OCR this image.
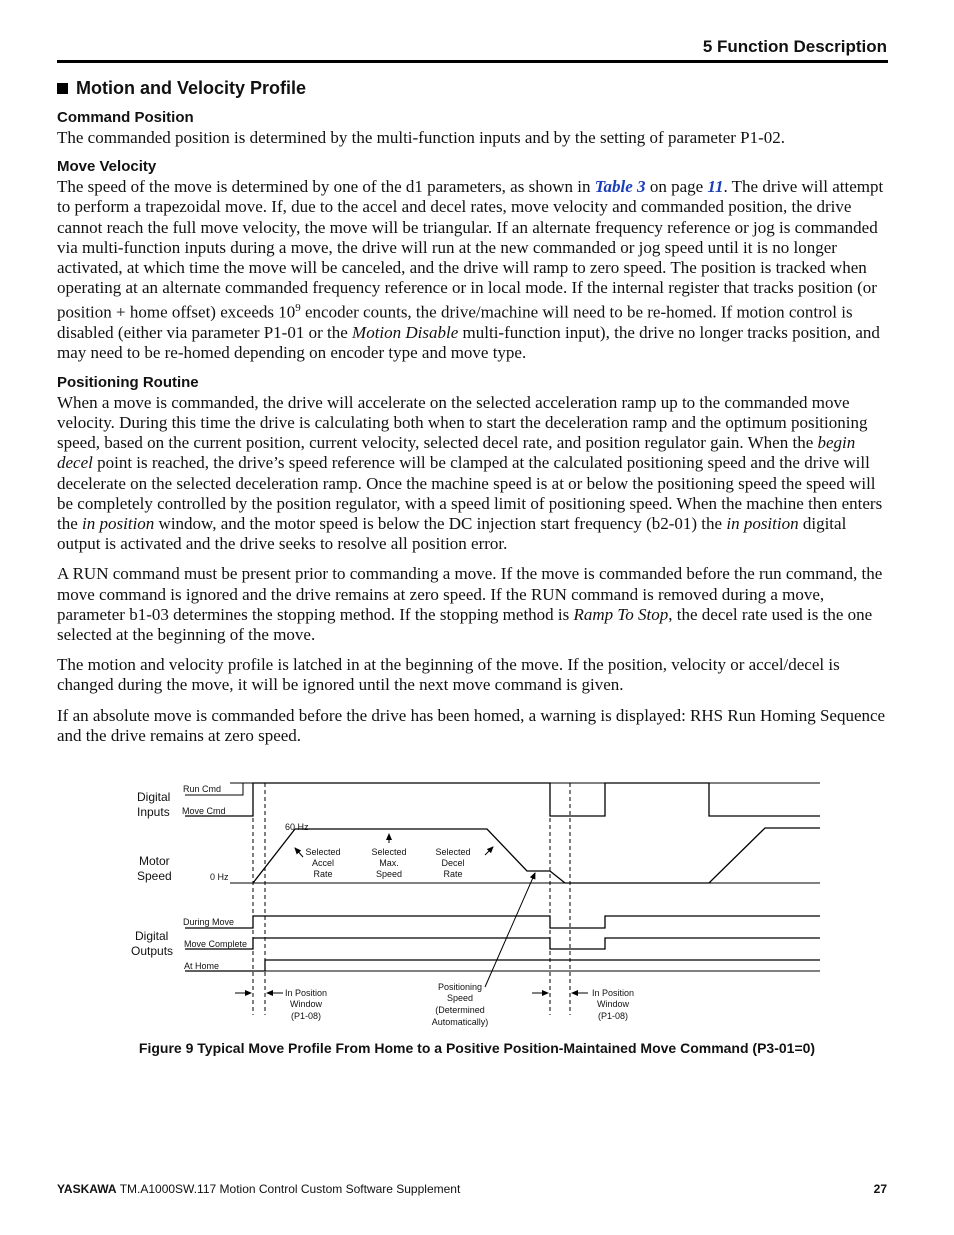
5 Function Description
Motion and Velocity Profile
Command Position

The commanded position is determined by the multi-function inputs and by the setting of parameter P1-02.

Move Velocity

The speed of the move is determined by one of the d1 parameters, as shown in Table 3 on page 11. The drive will attempt to perform a trapezoidal move. If, due to the accel and decel rates, move velocity and commanded position, the drive cannot reach the full move velocity, the move will be triangular. If an alternate frequency reference or jog is commanded via multi-function inputs during a move, the drive will run at the new commanded or jog speed until it is no longer activated, at which time the move will be canceled, and the drive will ramp to zero speed. The position is tracked when operating at an alternate commanded frequency reference or in local mode. If the internal register that tracks position (or position + home offset) exceeds $10^9$ encoder counts, the drive/machine will need to be re-homed. If motion control is disabled (either via parameter P1-01 or the Motion Disable multi-function input), the drive no longer tracks position, and may need to be re-homed depending on encoder type and move type.

Positioning Routine

When a move is commanded, the drive will accelerate on the selected acceleration ramp up to the commanded move velocity. During this time the drive is calculating both when to start the deceleration ramp and the optimum positioning speed, based on the current position, current velocity, selected decel rate, and position regulator gain. When the begin decel point is reached, the drive’s speed reference will be clamped at the calculated positioning speed and the drive will decelerate on the selected deceleration ramp. Once the machine speed is at or below the positioning speed the speed will be completely controlled by the position regulator, with a speed limit of positioning speed. When the machine then enters the in position window, and the motor speed is below the DC injection start frequency (b2-01) the in position digital output is activated and the drive seeks to resolve all position error.

A RUN command must be present prior to commanding a move. If the move is commanded before the run command, the move command is ignored and the drive remains at zero speed. If the RUN command is removed during a move, parameter b1-03 determines the stopping method. If the stopping method is Ramp To Stop, the decel rate used is the one selected at the beginning of the move.

The motion and velocity profile is latched in at the beginning of the move. If the position, velocity or accel/decel is changed during the move, it will be ignored until the next move command is given.

If an absolute move is commanded before the drive has been homed, a warning is displayed: RHS Run Homing Sequence and the drive remains at zero speed.

Digital
Inputs
Motor
Speed
Digital
Outputs
Run Cmd
Move Cmd
60 Hz
0 Hz
During Move
Move Complete
At Home
Selected
Accel
Rate
Selected
Max.
Speed
Selected
Decel
Rate
In Position
Window
(P1-08)
Positioning
Speed
(Determined
Automatically)
In Position
Window
(P1-08)
Figure 9 Typical Move Profile From Home to a Positive Position-Maintained Move Command (P3-01=0)
YASKAWA TM.A1000SW.117 Motion Control Custom Software Supplement	27
